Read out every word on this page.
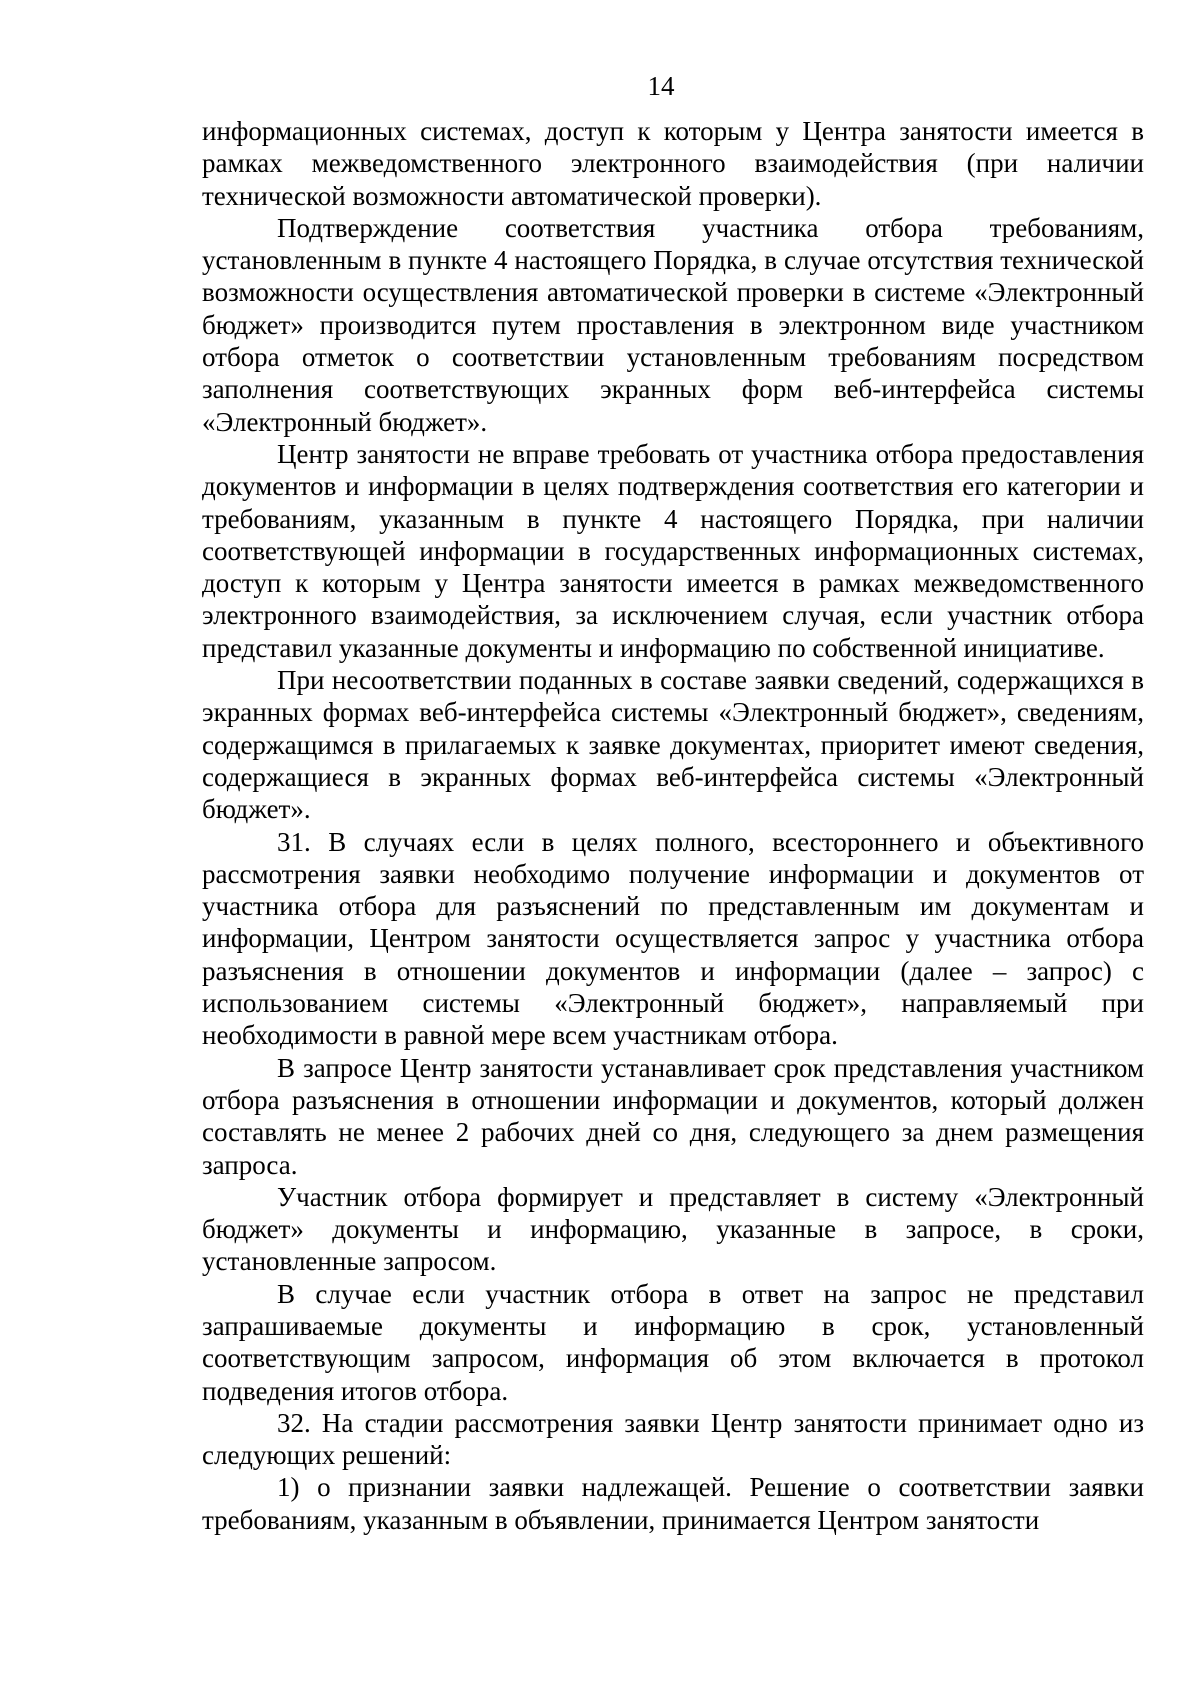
14

информационных системах, доступ к которым у Центра занятости имеется в рамках межведомственного электронного взаимодействия (при наличии технической возможности автоматической проверки).

Подтверждение соответствия участника отбора требованиям, установленным в пункте 4 настоящего Порядка, в случае отсутствия технической возможности осуществления автоматической проверки в системе «Электронный бюджет» производится путем проставления в электронном виде участником отбора отметок о соответствии установленным требованиям посредством заполнения соответствующих экранных форм веб-интерфейса системы «Электронный бюджет».

Центр занятости не вправе требовать от участника отбора предоставления документов и информации в целях подтверждения соответствия его категории и требованиям, указанным в пункте 4 настоящего Порядка, при наличии соответствующей информации в государственных информационных системах, доступ к которым у Центра занятости имеется в рамках межведомственного электронного взаимодействия, за исключением случая, если участник отбора представил указанные документы и информацию по собственной инициативе.

При несоответствии поданных в составе заявки сведений, содержащихся в экранных формах веб-интерфейса системы «Электронный бюджет», сведениям, содержащимся в прилагаемых к заявке документах, приоритет имеют сведения, содержащиеся в экранных формах веб-интерфейса системы «Электронный бюджет».

31. В случаях если в целях полного, всестороннего и объективного рассмотрения заявки необходимо получение информации и документов от участника отбора для разъяснений по представленным им документам и информации, Центром занятости осуществляется запрос у участника отбора разъяснения в отношении документов и информации (далее – запрос) с использованием системы «Электронный бюджет», направляемый при необходимости в равной мере всем участникам отбора.

В запросе Центр занятости устанавливает срок представления участником отбора разъяснения в отношении информации и документов, который должен составлять не менее 2 рабочих дней со дня, следующего за днем размещения запроса.

Участник отбора формирует и представляет в систему «Электронный бюджет» документы и информацию, указанные в запросе, в сроки, установленные запросом.

В случае если участник отбора в ответ на запрос не представил запрашиваемые документы и информацию в срок, установленный соответствующим запросом, информация об этом включается в протокол подведения итогов отбора.

32. На стадии рассмотрения заявки Центр занятости принимает одно из следующих решений:

1) о признании заявки надлежащей. Решение о соответствии заявки требованиям, указанным в объявлении, принимается Центром занятости
